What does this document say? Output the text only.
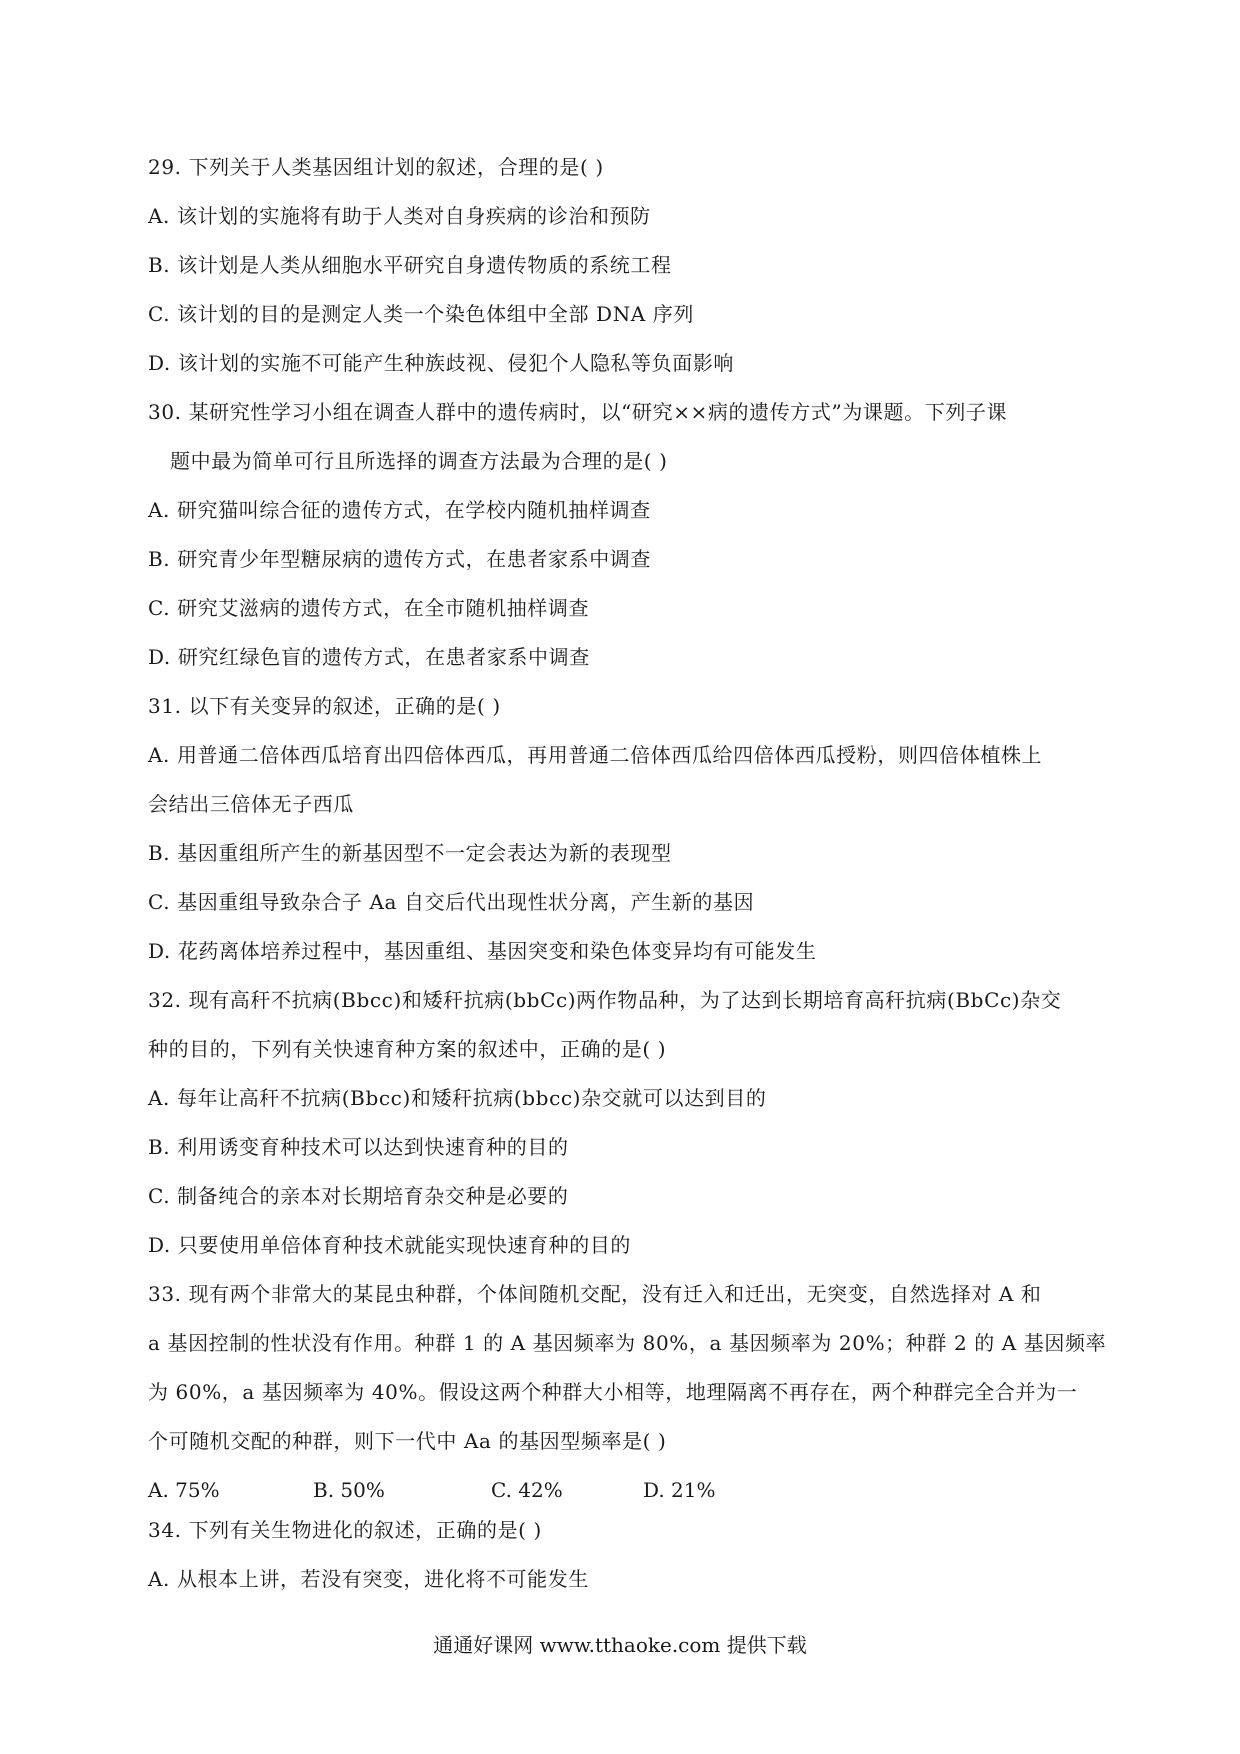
29. 下列关于人类基因组计划的叙述，合理的是( )
A. 该计划的实施将有助于人类对自身疾病的诊治和预防
B. 该计划是人类从细胞水平研究自身遗传物质的系统工程
C. 该计划的目的是测定人类一个染色体组中全部 DNA 序列
D. 该计划的实施不可能产生种族歧视、侵犯个人隐私等负面影响
30. 某研究性学习小组在调查人群中的遗传病时，以“研究××病的遗传方式”为课题。下列子课
题中最为简单可行且所选择的调查方法最为合理的是( )
A. 研究猫叫综合征的遗传方式，在学校内随机抽样调查
B. 研究青少年型糖尿病的遗传方式，在患者家系中调查
C. 研究艾滋病的遗传方式，在全市随机抽样调查
D. 研究红绿色盲的遗传方式，在患者家系中调查
31. 以下有关变异的叙述，正确的是( )
A. 用普通二倍体西瓜培育出四倍体西瓜，再用普通二倍体西瓜给四倍体西瓜授粉，则四倍体植株上
会结出三倍体无子西瓜
B. 基因重组所产生的新基因型不一定会表达为新的表现型
C. 基因重组导致杂合子 Aa 自交后代出现性状分离，产生新的基因
D. 花药离体培养过程中，基因重组、基因突变和染色体变异均有可能发生
32. 现有高秆不抗病(Bbcc)和矮秆抗病(bbCc)两作物品种，为了达到长期培育高秆抗病(BbCc)杂交
种的目的，下列有关快速育种方案的叙述中，正确的是( )
A. 每年让高秆不抗病(Bbcc)和矮秆抗病(bbcc)杂交就可以达到目的
B. 利用诱变育种技术可以达到快速育种的目的
C. 制备纯合的亲本对长期培育杂交种是必要的
D. 只要使用单倍体育种技术就能实现快速育种的目的
33. 现有两个非常大的某昆虫种群，个体间随机交配，没有迁入和迁出，无突变，自然选择对 A 和
a 基因控制的性状没有作用。种群 1 的 A 基因频率为 80%，a 基因频率为 20%；种群 2 的 A 基因频率
为 60%，a 基因频率为 40%。假设这两个种群大小相等，地理隔离不再存在，两个种群完全合并为一
个可随机交配的种群，则下一代中 Aa 的基因型频率是( )
A. 75%	B. 50%	C. 42%	D. 21%
34. 下列有关生物进化的叙述，正确的是( )
A. 从根本上讲，若没有突变，进化将不可能发生
通通好课网 www.tthaoke.com 提供下载
